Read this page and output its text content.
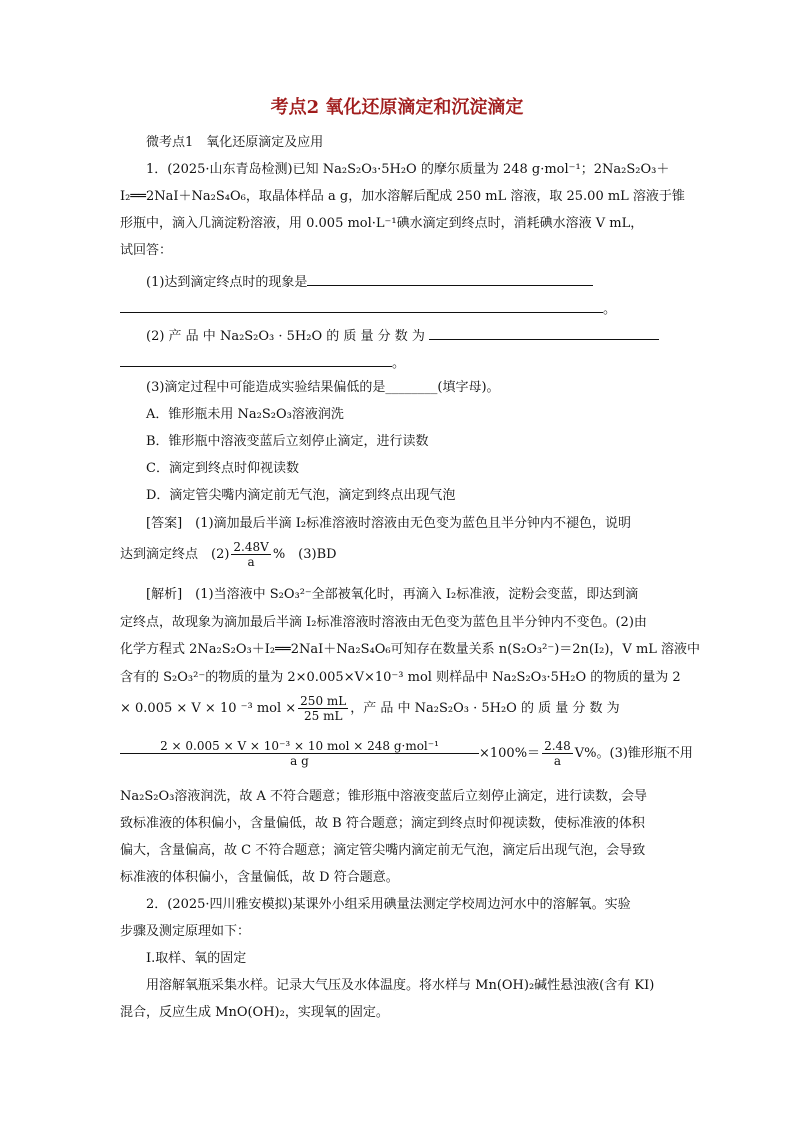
考点2 氧化还原滴定和沉淀滴定
微考点1　氧化还原滴定及应用
1．(2025·山东青岛检测)已知 Na₂S₂O₃·5H₂O 的摩尔质量为 248 g·mol⁻¹；2Na₂S₂O₃＋
I₂══2NaI＋Na₂S₄O₆，取晶体样品 a g，加水溶解后配成 250 mL 溶液，取 25.00 mL 溶液于锥
形瓶中，滴入几滴淀粉溶液，用 0.005 mol·L⁻¹碘水滴定到终点时，消耗碘水溶液 V mL，
试回答：
(1)达到滴定终点时的现象是
。
(2) 产 品 中 Na₂S₂O₃ · 5H₂O 的 质 量 分 数 为
。
(3)滴定过程中可能造成实验结果偏低的是________(填字母)。
A．锥形瓶未用 Na₂S₂O₃溶液润洗
B．锥形瓶中溶液变蓝后立刻停止滴定，进行读数
C．滴定到终点时仰视读数
D．滴定管尖嘴内滴定前无气泡，滴定到终点出现气泡
[答案]　(1)滴加最后半滴 I₂标准溶液时溶液由无色变为蓝色且半分钟内不褪色，说明
达到滴定终点　$(2) \frac{2.48V}{a}$ %　(3)BD
[解析]　(1)当溶液中 S₂O₃²⁻全部被氧化时，再滴入 I₂标准液，淀粉会变蓝，即达到滴
定终点，故现象为滴加最后半滴 I₂标准溶液时溶液由无色变为蓝色且半分钟内不变色。(2)由
化学方程式 2Na₂S₂O₃＋I₂══2NaI＋Na₂S₄O₆可知存在数量关系 n(S₂O₃²⁻)＝2n(I₂)，V mL 溶液中
含有的 S₂O₃²⁻的物质的量为 2×0.005×V×10⁻³ mol 则样品中 Na₂S₂O₃·5H₂O 的物质的量为 2
× 0.005 × V × 10 ⁻³ mol × $\frac{250 mL}{25 mL}$ ，产 品 中 Na₂S₂O₃ · 5H₂O 的 质 量 分 数 为
$\frac{\text{2 × 0.005 × V × 10⁻³ × 10 mol × 248 g·mol⁻¹}}{\text{a g}} \times 100\%= \frac{2.48}{a} V\%$。(3)锥形瓶不用
Na₂S₂O₃溶液润洗，故 A 不符合题意；锥形瓶中溶液变蓝后立刻停止滴定，进行读数，会导
致标准液的体积偏小，含量偏低，故 B 符合题意；滴定到终点时仰视读数，使标准液的体积
偏大，含量偏高，故 C 不符合题意；滴定管尖嘴内滴定前无气泡，滴定后出现气泡，会导致
标准液的体积偏小，含量偏低，故 D 符合题意。
2．(2025·四川雅安模拟)某课外小组采用碘量法测定学校周边河水中的溶解氧。实验
步骤及测定原理如下：
Ⅰ.取样、氧的固定
用溶解氧瓶采集水样。记录大气压及水体温度。将水样与 Mn(OH)₂碱性悬浊液(含有 KI)
混合，反应生成 MnO(OH)₂，实现氧的固定。
